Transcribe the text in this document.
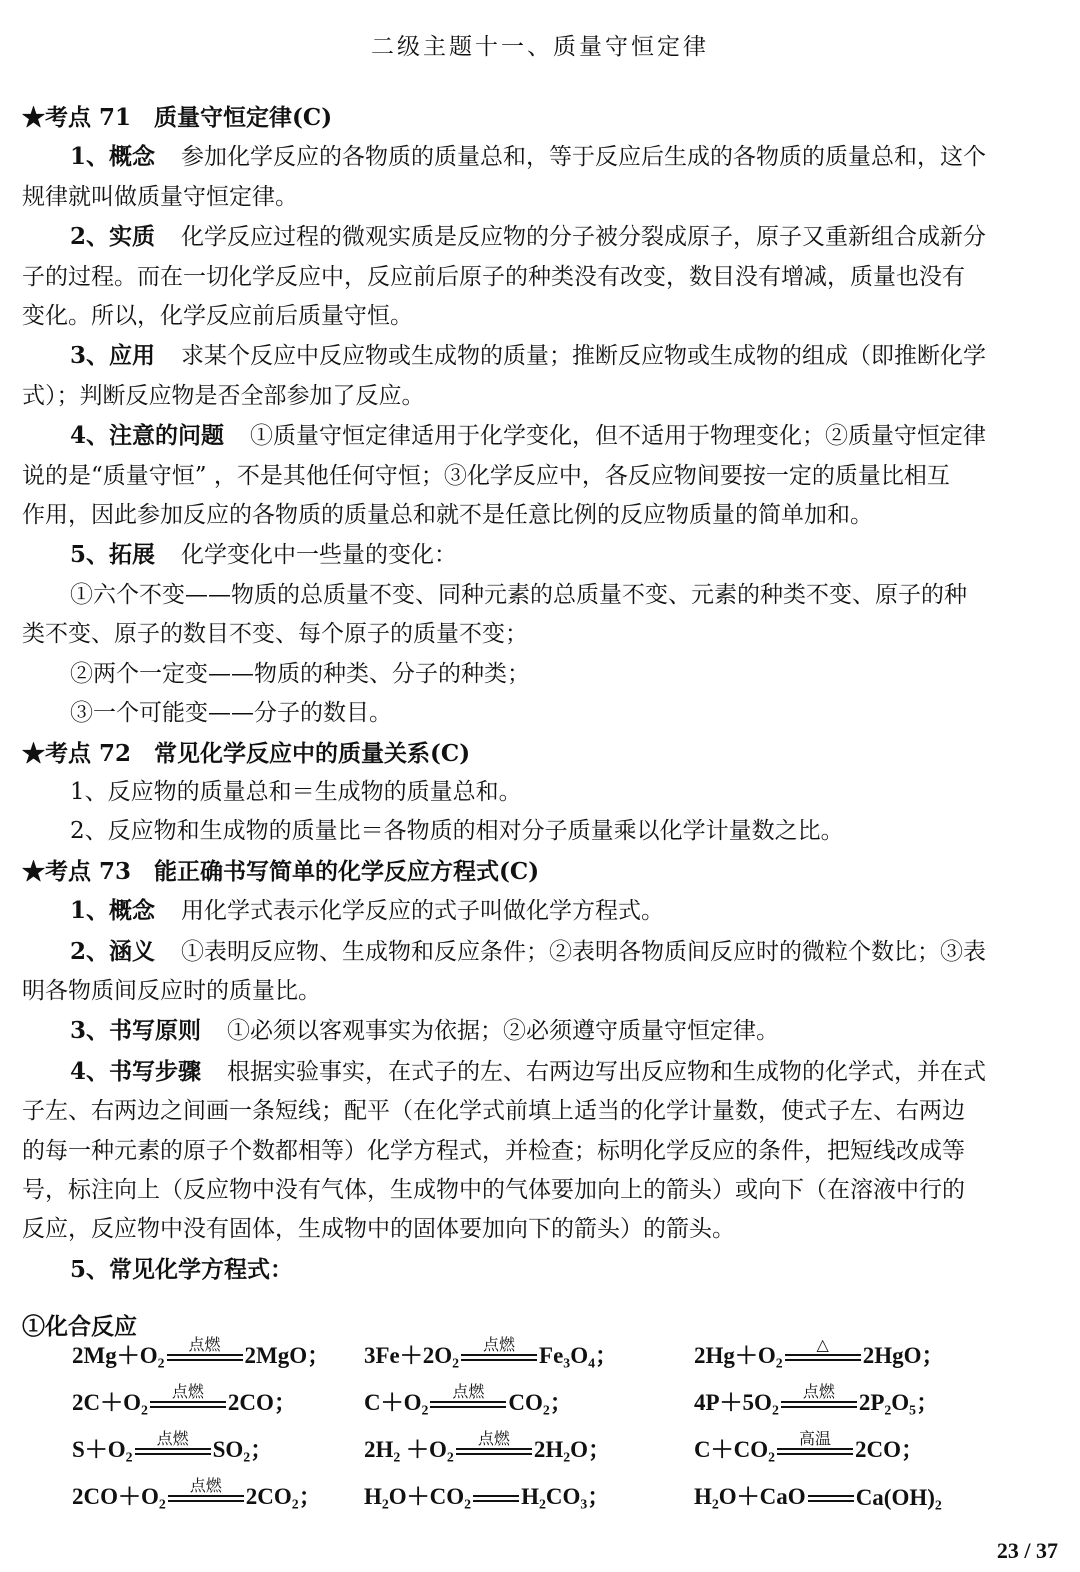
二级主题十一、质量守恒定律
★考点 71　质量守恒定律(C)
1、概念 参加化学反应的各物质的质量总和，等于反应后生成的各物质的质量总和，这个
规律就叫做质量守恒定律。
2、实质 化学反应过程的微观实质是反应物的分子被分裂成原子，原子又重新组合成新分
子的过程。而在一切化学反应中，反应前后原子的种类没有改变，数目没有增减，质量也没有
变化。所以，化学反应前后质量守恒。
3、应用 求某个反应中反应物或生成物的质量；推断反应物或生成物的组成（即推断化学
式）；判断反应物是否全部参加了反应。
4、注意的问题 ①质量守恒定律适用于化学变化，但不适用于物理变化；②质量守恒定律
说的是“质量守恒” ，不是其他任何守恒；③化学反应中，各反应物间要按一定的质量比相互
作用，因此参加反应的各物质的质量总和就不是任意比例的反应物质量的简单加和。
5、拓展 化学变化中一些量的变化：
①六个不变——物质的总质量不变、同种元素的总质量不变、元素的种类不变、原子的种
类不变、原子的数目不变、每个原子的质量不变；
②两个一定变——物质的种类、分子的种类；
③一个可能变——分子的数目。
★考点 72　常见化学反应中的质量关系(C)
1、反应物的质量总和＝生成物的质量总和。
2、反应物和生成物的质量比＝各物质的相对分子质量乘以化学计量数之比。
★考点 73　能正确书写简单的化学反应方程式(C)
1、概念 用化学式表示化学反应的式子叫做化学方程式。
2、涵义 ①表明反应物、生成物和反应条件；②表明各物质间反应时的微粒个数比；③表
明各物质间反应时的质量比。
3、书写原则 ①必须以客观事实为依据；②必须遵守质量守恒定律。
4、书写步骤 根据实验事实，在式子的左、右两边写出反应物和生成物的化学式，并在式
子左、右两边之间画一条短线；配平（在化学式前填上适当的化学计量数，使式子左、右两边
的每一种元素的原子个数都相等）化学方程式，并检查；标明化学反应的条件，把短线改成等
号，标注向上（反应物中没有气体，生成物中的气体要加向上的箭头）或向下（在溶液中行的
反应，反应物中没有固体，生成物中的固体要加向下的箭头）的箭头。
5、常见化学方程式：
①化合反应
2Mg＋O₂ 点燃 2MgO； 3Fe＋2O₂ 点燃 Fe₃O₄；	2Hg＋O₂ △ 2HgO；
2C＋O₂ 点燃 2CO；	C＋O₂ 点燃 CO₂；	4P＋5O₂ 点燃 2P₂O₅；
S＋O₂ 点燃 SO₂；	2H₂ ＋O₂ 点燃 2H₂O；	C＋CO₂ 高温 2CO；
2CO＋O₂ 点燃 2CO₂； H₂O＋CO₂ H₂CO₃；	H₂O＋CaO Ca(OH)₂
23 / 37
